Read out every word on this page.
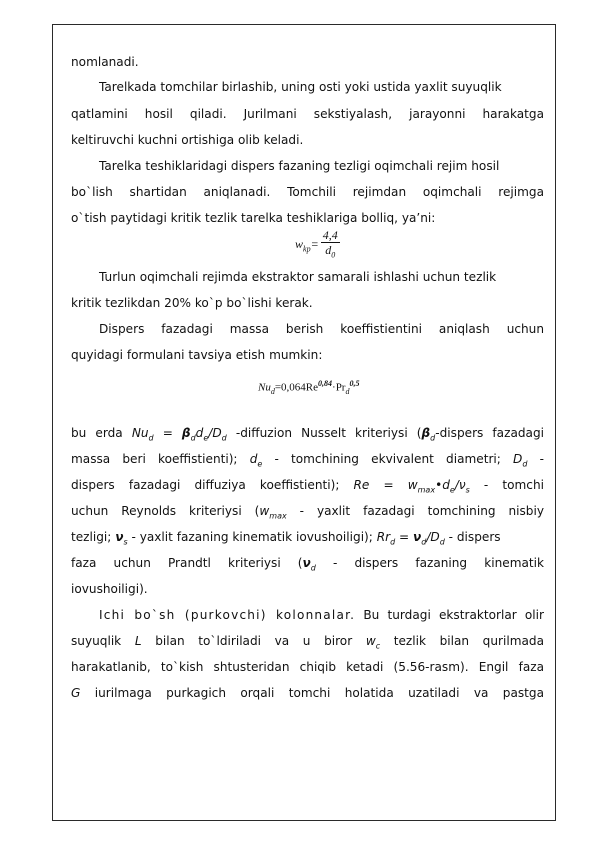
nomlanadi.
Tarelkada tomchilar birlashib, uning osti yoki ustida yaxlit suyuqlik
qatlamini hosil qiladi. Jurilmani sekstiyalash, jarayonni harakatga
keltiruvchi kuchni ortishiga olib keladi.
Tarelka teshiklaridagi dispers fazaning tezligi oqimchali rejim hosil
bo`lish shartidan aniqlanadi. Tomchili rejimdan oqimchali rejimga
o`tish paytidagi kritik tezlik tarelka teshiklariga bolliq, ya’ni:
$w_{kp}= \frac{4,4}{d_0}$
Turlun oqimchali rejimda ekstraktor samarali ishlashi uchun tezlik
kritik tezlikdan 20% ko`p bo`lishi kerak.
Dispers fazadagi massa berish koeffistientini aniqlash uchun
quyidagi formulani tavsiya etish mumkin:
$Nu_d=0,064Re^{0,84}\cdot Pr_d^{0,5}$
bu erda $Nu_d = \beta_dd_e/D_d$ -diffuzion Nusselt kriteriysi ($\beta_d$-dispers fazadagi
massa beri koeffistienti); $d_e$ - tomchining ekvivalent diametri; $D_d$ -
dispers fazadagi diffuziya koeffistienti); $Re = w_{max}•d_e/\nu_s$ - tomchi
uchun Reynolds kriteriysi ($w_{max}$ - yaxlit fazadagi tomchining nisbiy
tezligi; $\nu_s$ - yaxlit fazaning kinematik iovushoiligi); $Rr_d = \nu_d/D_d$ - dispers
faza uchun Prandtl kriteriysi ($\nu_d$ - dispers fazaning kinematik
iovushoiligi).
Ichi bo`sh (purkovchi) kolonnalar. Bu turdagi ekstraktorlar olir
suyuqlik L bilan to`ldiriladi va u biror $w_c$ tezlik bilan qurilmada
harakatlanib, to`kish shtusteridan chiqib ketadi (5.56-rasm). Engil faza
G iurilmaga purkagich orqali tomchi holatida uzatiladi va pastga
